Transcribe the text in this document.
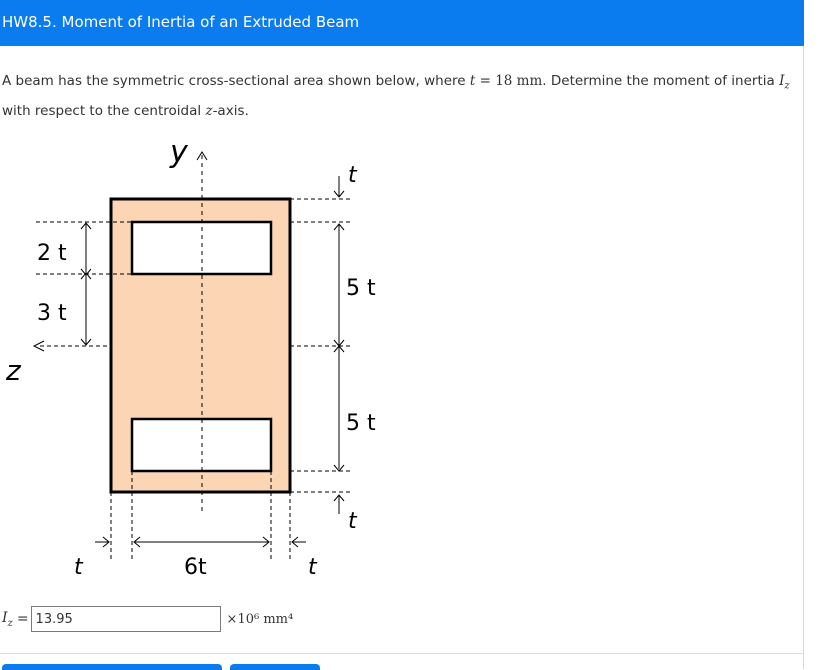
HW8.5. Moment of Inertia of an Extruded Beam
A beam has the symmetric cross-sectional area shown below, where t = 18 mm. Determine the moment of inertia $I_z$ with respect to the centroidal z-axis.
y
z
2 t
3 t
t
5 t
5 t
t
t	6t	t
$I_z$ =
13.95	×10⁶ mm⁴
